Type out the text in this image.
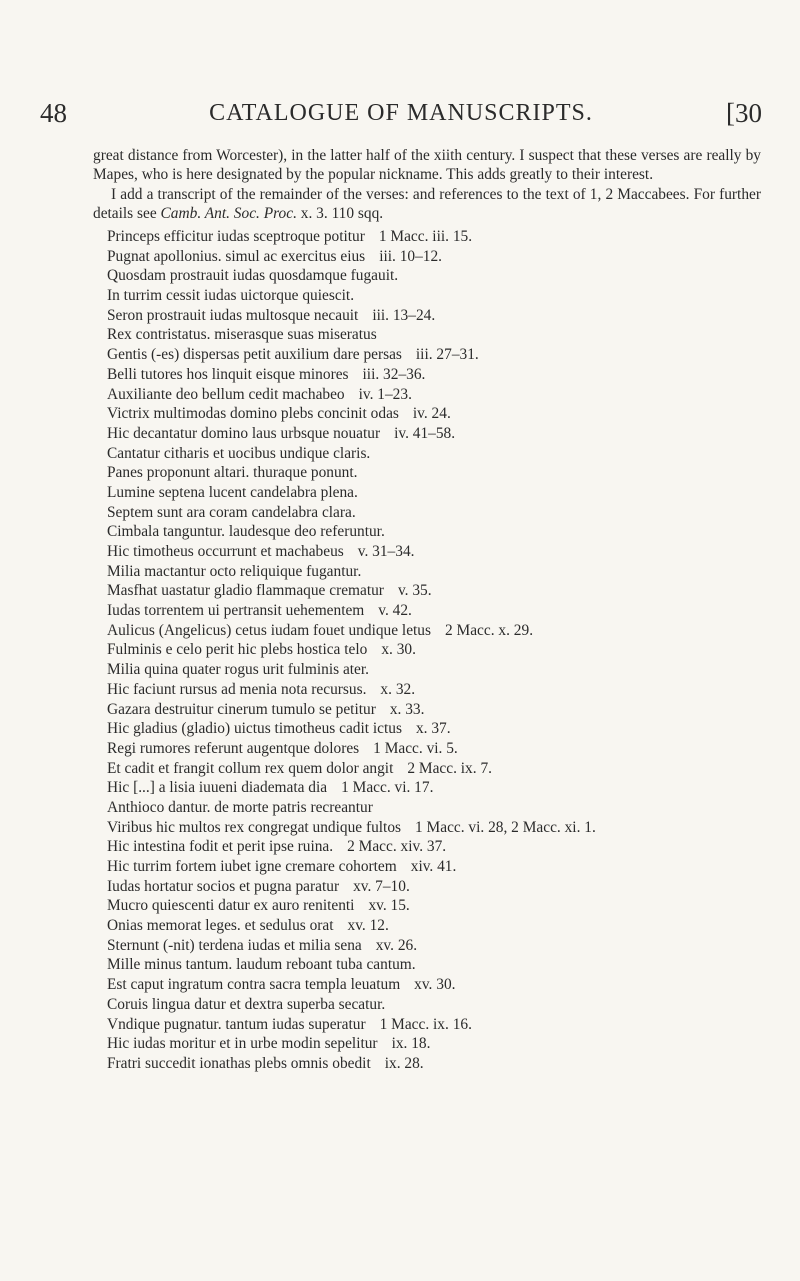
48	CATALOGUE OF MANUSCRIPTS.	[30

great distance from Worcester), in the latter half of the xiith century. I suspect that these verses are really by Mapes, who is here designated by the popular nickname. This adds greatly to their interest.

I add a transcript of the remainder of the verses: and references to the text of 1, 2 Maccabees. For further details see Camb. Ant. Soc. Proc. x. 3. 110 sqq.

Princeps efficitur iudas sceptroque potitur 1 Macc. iii. 15.
Pugnat apollonius. simul ac exercitus eius iii. 10–12.
Quosdam prostrauit iudas quosdamque fugauit.
In turrim cessit iudas uictorque quiescit.
Seron prostrauit iudas multosque necauit iii. 13–24.
Rex contristatus. miserasque suas miseratus
Gentis (-es) dispersas petit auxilium dare persas iii. 27–31.
Belli tutores hos linquit eisque minores iii. 32–36.
Auxiliante deo bellum cedit machabeo iv. 1–23.
Victrix multimodas domino plebs concinit odas iv. 24.
Hic decantatur domino laus urbsque nouatur iv. 41–58.
Cantatur citharis et uocibus undique claris.
Panes proponunt altari. thuraque ponunt.
Lumine septena lucent candelabra plena.
Septem sunt ara coram candelabra clara.
Cimbala tanguntur. laudesque deo referuntur.
Hic timotheus occurrunt et machabeus v. 31–34.
Milia mactantur octo reliquique fugantur.
Masfhat uastatur gladio flammaque crematur v. 35.
Iudas torrentem ui pertransit uehementem v. 42.
Aulicus (Angelicus) cetus iudam fouet undique letus 2 Macc. x. 29.
Fulminis e celo perit hic plebs hostica telo x. 30.
Milia quina quater rogus urit fulminis ater.
Hic faciunt rursus ad menia nota recursus. x. 32.
Gazara destruitur cinerum tumulo se petitur x. 33.
Hic gladius (gladio) uictus timotheus cadit ictus x. 37.
Regi rumores referunt augentque dolores 1 Macc. vi. 5.
Et cadit et frangit collum rex quem dolor angit 2 Macc. ix. 7.
Hic [...] a lisia iuueni diademata dia 1 Macc. vi. 17.
Anthioco dantur. de morte patris recreantur
Viribus hic multos rex congregat undique fultos 1 Macc. vi. 28, 2 Macc. xi. 1.
Hic intestina fodit et perit ipse ruina. 2 Macc. xiv. 37.
Hic turrim fortem iubet igne cremare cohortem xiv. 41.
Iudas hortatur socios et pugna paratur xv. 7–10.
Mucro quiescenti datur ex auro renitenti xv. 15.
Onias memorat leges. et sedulus orat xv. 12.
Sternunt (-nit) terdena iudas et milia sena xv. 26.
Mille minus tantum. laudum reboant tuba cantum.
Est caput ingratum contra sacra templa leuatum xv. 30.
Coruis lingua datur et dextra superba secatur.
Vndique pugnatur. tantum iudas superatur 1 Macc. ix. 16.
Hic iudas moritur et in urbe modin sepelitur ix. 18.
Fratri succedit ionathas plebs omnis obedit ix. 28.
